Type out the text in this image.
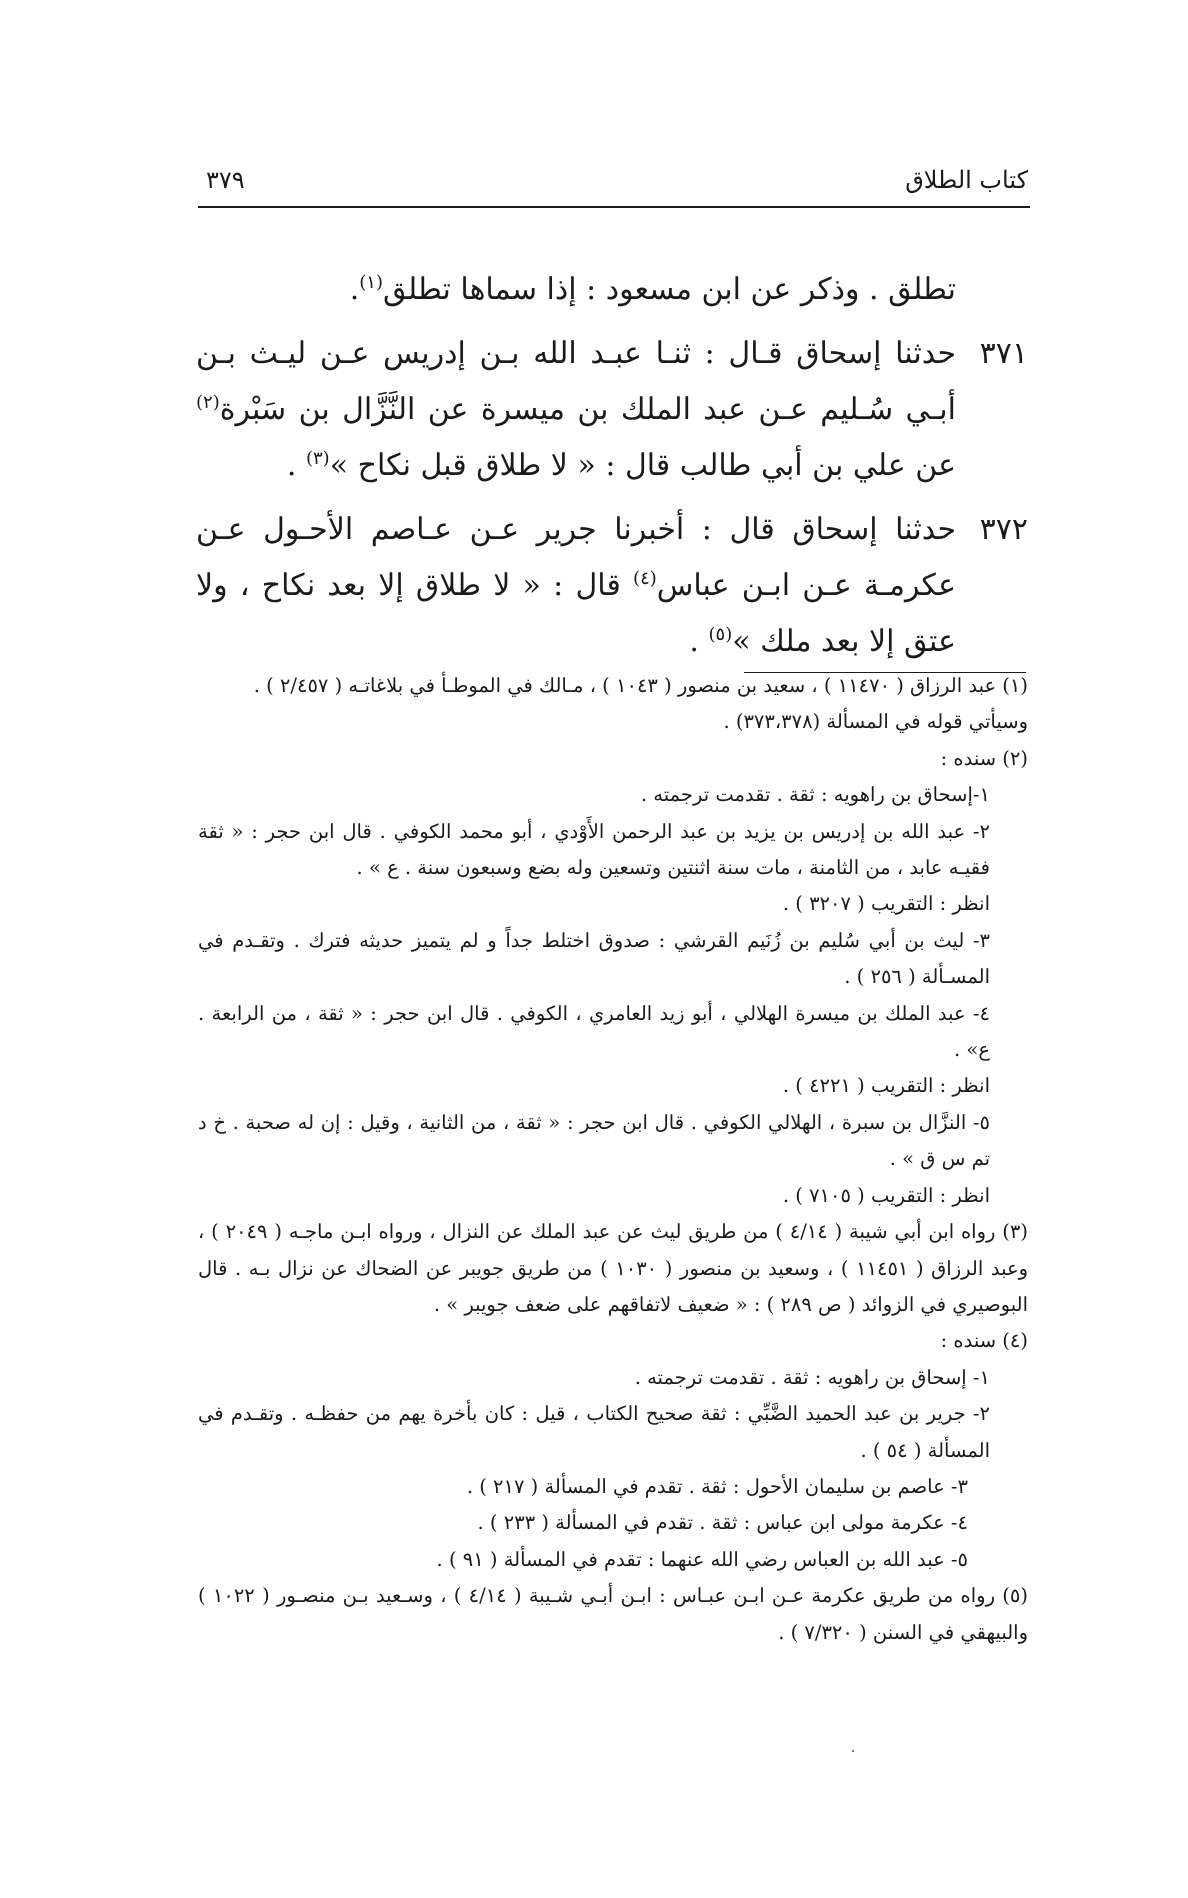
كتاب الطلاق
٣٧٩

تطلق . وذكر عن ابن مسعود : إذا سماها تطلق$^{(١)}$.

٣٧١
حدثنا إسحاق قـال : ثنـا عبـد الله بـن إدريس عـن ليـث بـن أبـي سُـليم عـن عبد الملك بن ميسرة عن النَّزَّال بن سَبْرة$^{(٢)}$ عن علي بن أبي طالب قال : « لا طلاق قبل نكاح »$^{(٣)}$ .

٣٧٢
حدثنا إسحاق قال : أخبرنا جرير عـن عـاصم الأحـول عـن عكرمـة عـن ابـن عباس$^{(٤)}$ قال : « لا طلاق إلا بعد نكاح ، ولا عتق إلا بعد ملك »$^{(٥)}$ .

(١) عبد الرزاق ( ١١٤٧٠ ) ، سعيد بن منصور ( ١٠٤٣ ) ، مـالك في الموطـأ في بلاغاتـه ( ٢/٤٥٧ ) .

وسيأتي قوله في المسألة (٣٧٣،٣٧٨) .

(٢) سنده :

١-إسحاق بن راهويه : ثقة . تقدمت ترجمته .

٢- عبد الله بن إدريس بن يزيد بن عبد الرحمن الأَوْدي ، أبو محمد الكوفي . قال ابن حجر : « ثقة فقيـه عابد ، من الثامنة ، مات سنة اثنتين وتسعين وله بضع وسبعون سنة . ع » .

انظر : التقريب ( ٣٢٠٧ ) .

٣- ليث بن أبي سُليم بن زُنَيم القرشي : صدوق اختلط جداً و لم يتميز حديثه فترك . وتقـدم في المسـألة ( ٢٥٦ ) .

٤- عبد الملك بن ميسرة الهلالي ، أبو زيد العامري ، الكوفي . قال ابن حجر : « ثقة ، من الرابعة . ع» .

انظر : التقريب ( ٤٢٢١ ) .

٥- النزَّال بن سبرة ، الهلالي الكوفي . قال ابن حجر : « ثقة ، من الثانية ، وقيل : إن له صحبة . خ د تم س ق » .

انظر : التقريب ( ٧١٠٥ ) .

(٣) رواه ابن أبي شيبة ( ٤/١٤ ) من طريق ليث عن عبد الملك عن النزال ، ورواه ابـن ماجـه ( ٢٠٤٩ ) ، وعبد الرزاق ( ١١٤٥١ ) ، وسعيد بن منصور ( ١٠٣٠ ) من طريق جويبر عن الضحاك عن نزال بـه . قال البوصيري في الزوائد ( ص ٢٨٩ ) : « ضعيف لاتفاقهم على ضعف جويبر » .

(٤) سنده :

١- إسحاق بن راهويه : ثقة . تقدمت ترجمته .

٢- جرير بن عبد الحميد الضَّبِّي : ثقة صحيح الكتاب ، قيل : كان بأخرة يهم من حفظـه . وتقـدم في المسألة ( ٥٤ ) .

٣- عاصم بن سليمان الأحول : ثقة . تقدم في المسألة ( ٢١٧ ) .

٤- عكرمة مولى ابن عباس : ثقة . تقدم في المسألة ( ٢٣٣ ) .

٥- عبد الله بن العباس رضي الله عنهما : تقدم في المسألة ( ٩١ ) .

(٥) رواه من طريق عكرمة عـن ابـن عبـاس : ابـن أبـي شـيبة ( ٤/١٤ ) ، وسـعيد بـن منصـور ( ١٠٢٢ ) والبيهقي في السنن ( ٧/٣٢٠ ) .
